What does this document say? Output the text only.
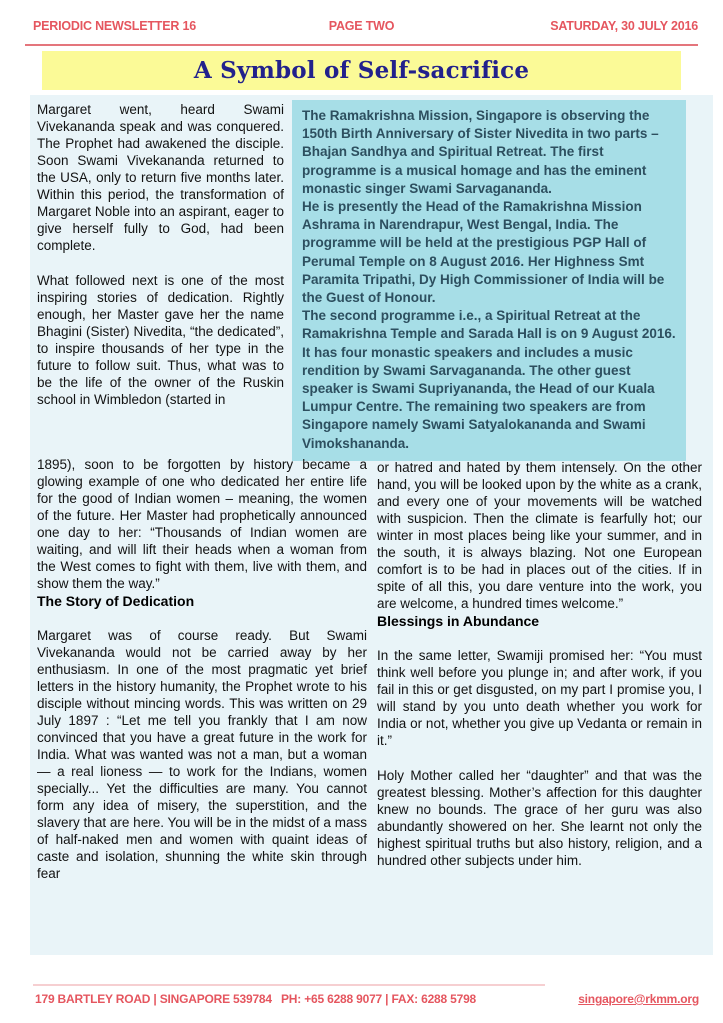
PERIODIC NEWSLETTER 16	PAGE TWO	SATURDAY, 30 JULY 2016
A Symbol of Self-sacrifice

Margaret went, heard Swami Vivekananda speak and was conquered. The Prophet had awakened the disciple. Soon Swami Vivekananda returned to the USA, only to return five months later. Within this period, the transformation of Margaret Noble into an aspirant, eager to give herself fully to God, had been complete.

What followed next is one of the most inspiring stories of dedication. Rightly enough, her Master gave her the name Bhagini (Sister) Nivedita, “the dedicated”, to inspire thousands of her type in the future to follow suit. Thus, what was to be the life of the owner of the Ruskin school in Wimbledon (started in

The Ramakrishna Mission, Singapore is observing the 150th Birth Anniversary of Sister Nivedita in two parts – Bhajan Sandhya and Spiritual Retreat. The first programme is a musical homage and has the eminent monastic singer Swami Sarvagananda.

He is presently the Head of the Ramakrishna Mission Ashrama in Narendrapur, West Bengal, India. The programme will be held at the prestigious PGP Hall of Perumal Temple on 8 August 2016. Her Highness Smt Paramita Tripathi, Dy High Commissioner of India will be the Guest of Honour.

The second programme i.e., a Spiritual Retreat at the Ramakrishna Temple and Sarada Hall is on 9 August 2016. It has four monastic speakers and includes a music rendition by Swami Sarvagananda. The other guest speaker is Swami Supriyananda, the Head of our Kuala Lumpur Centre. The remaining two speakers are from Singapore namely Swami Satyalokananda and Swami Vimokshananda.

1895), soon to be forgotten by history became a glowing example of one who dedicated her entire life for the good of Indian women – meaning, the women of the future. Her Master had prophetically announced one day to her: “Thousands of Indian women are waiting, and will lift their heads when a woman from the West comes to fight with them, live with them, and show them the way.”

The Story of Dedication

Margaret was of course ready. But Swami Vivekananda would not be carried away by her enthusiasm. In one of the most pragmatic yet brief letters in the history humanity, the Prophet wrote to his disciple without mincing words. This was written on 29 July 1897 : “Let me tell you frankly that I am now convinced that you have a great future in the work for India. What was wanted was not a man, but a woman — a real lioness — to work for the Indians, women specially... Yet the difficulties are many. You cannot form any idea of misery, the superstition, and the slavery that are here. You will be in the midst of a mass of half-naked men and women with quaint ideas of caste and isolation, shunning the white skin through fear

or hatred and hated by them intensely. On the other hand, you will be looked upon by the white as a crank, and every one of your movements will be watched with suspicion. Then the climate is fearfully hot; our winter in most places being like your summer, and in the south, it is always blazing. Not one European comfort is to be had in places out of the cities. If in spite of all this, you dare venture into the work, you are welcome, a hundred times welcome.”

Blessings in Abundance

In the same letter, Swamiji promised her: “You must think well before you plunge in; and after work, if you fail in this or get disgusted, on my part I promise you, I will stand by you unto death whether you work for India or not, whether you give up Vedanta or remain in it.”

Holy Mother called her “daughter” and that was the greatest blessing. Mother’s affection for this daughter knew no bounds. The grace of her guru was also abundantly showered on her. She learnt not only the highest spiritual truths but also history, religion, and a hundred other subjects under him.

179 BARTLEY ROAD | SINGAPORE 539784 PH: +65 6288 9077 | FAX: 6288 5798	singapore@rkmm.org
